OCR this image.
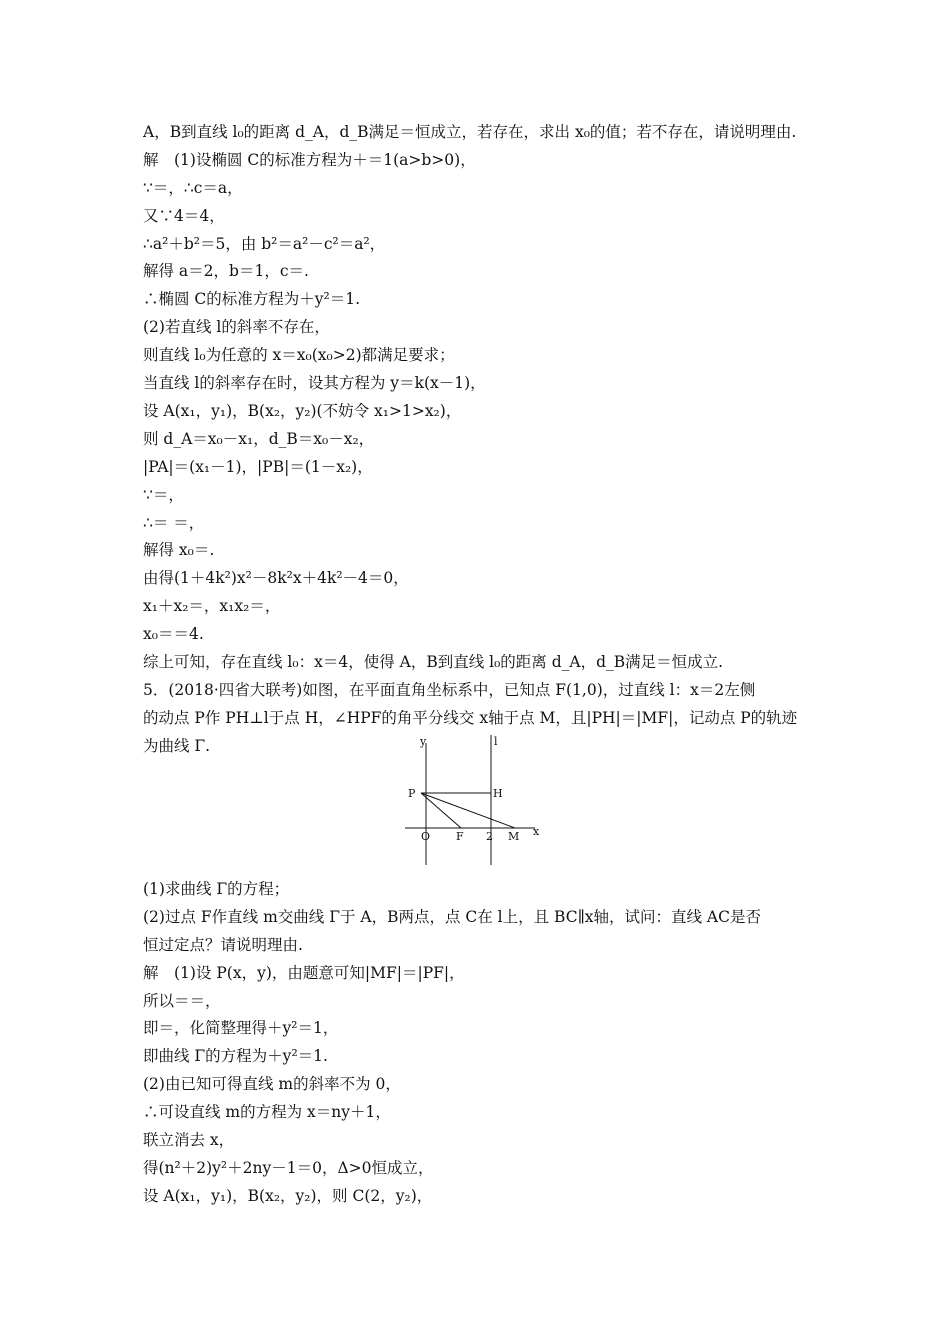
A，B到直线 l₀的距离 d_A，d_B满足＝恒成立，若存在，求出 x₀的值；若不存在，请说明理由.
解　(1)设椭圆 C的标准方程为＋＝1(a>b>0)，
∵＝，∴c＝a，
又∵4＝4，
∴a²＋b²＝5，由 b²＝a²－c²＝a²，
解得 a＝2，b＝1，c＝.
∴椭圆 C的标准方程为＋y²＝1.
(2)若直线 l的斜率不存在，
则直线 l₀为任意的 x＝x₀(x₀>2)都满足要求；
当直线 l的斜率存在时，设其方程为 y＝k(x－1)，
设 A(x₁，y₁)，B(x₂，y₂)(不妨令 x₁>1>x₂)，
则 d_A＝x₀－x₁，d_B＝x₀－x₂，
|PA|＝(x₁－1)，|PB|＝(1－x₂)，
∵＝，
∴＝ ＝，
解得 x₀＝.
由得(1＋4k²)x²－8k²x＋4k²－4＝0，
x₁＋x₂＝，x₁x₂＝，
x₀＝＝4.
综上可知，存在直线 l₀：x＝4，使得 A，B到直线 l₀的距离 d_A，d_B满足＝恒成立.
5．(2018·四省大联考)如图，在平面直角坐标系中，已知点 F(1,0)，过直线 l：x＝2左侧
的动点 P作 PH⊥l于点 H，∠HPF的角平分线交 x轴于点 M，且|PH|＝|MF|，记动点 P的轨迹
为曲线 Γ.	y	l
P	H
O F 2 M x
(1)求曲线 Γ的方程；
(2)过点 F作直线 m交曲线 Γ于 A，B两点，点 C在 l上，且 BC∥x轴，试问：直线 AC是否
恒过定点？请说明理由.
解　(1)设 P(x，y)，由题意可知|MF|＝|PF|，
所以＝＝，
即＝，化简整理得＋y²＝1，
即曲线 Γ的方程为＋y²＝1.
(2)由已知可得直线 m的斜率不为 0，
∴可设直线 m的方程为 x＝ny＋1，
联立消去 x，
得(n²＋2)y²＋2ny－1＝0，Δ>0恒成立，
设 A(x₁，y₁)，B(x₂，y₂)，则 C(2，y₂)，
